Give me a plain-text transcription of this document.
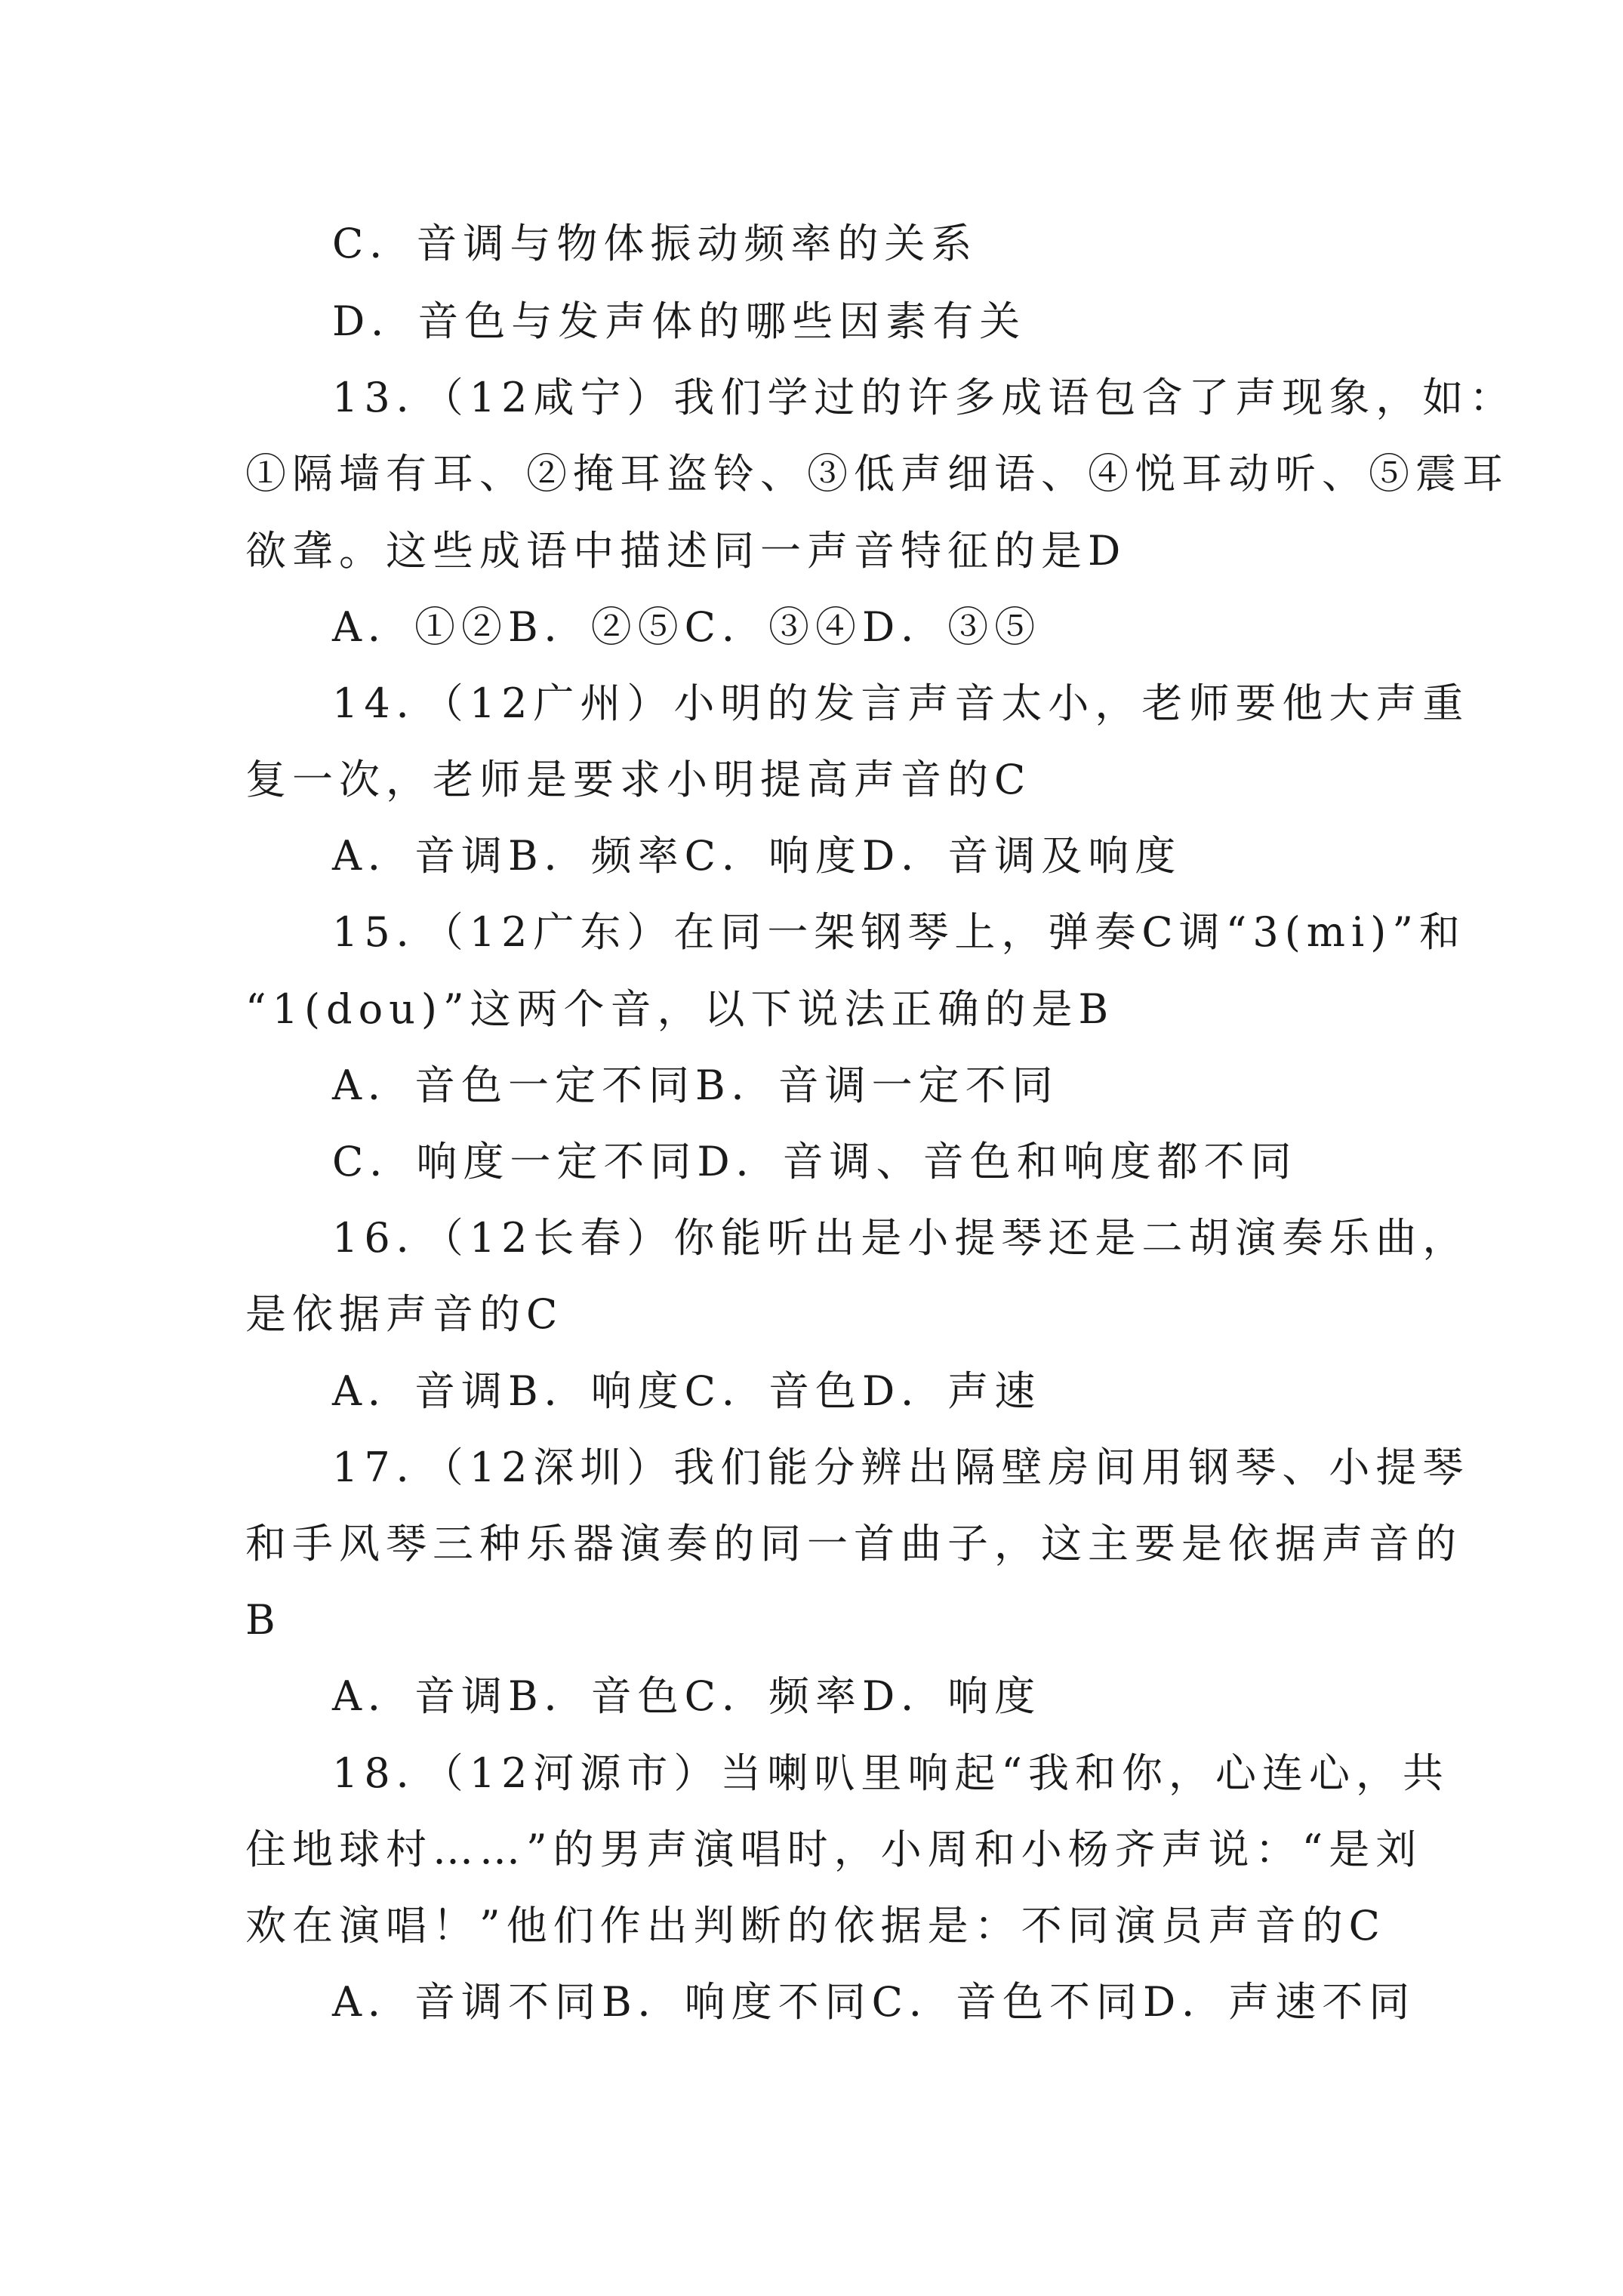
C．音调与物体振动频率的关系
D．音色与发声体的哪些因素有关
13．（12咸宁）我们学过的许多成语包含了声现象，如：
①隔墙有耳、②掩耳盗铃、③低声细语、④悦耳动听、⑤震耳
欲聋。这些成语中描述同一声音特征的是D
A．①②B．②⑤C．③④D．③⑤
14．（12广州）小明的发言声音太小，老师要他大声重
复一次，老师是要求小明提高声音的C
A．音调B．频率C．响度D．音调及响度
15．（12广东）在同一架钢琴上，弹奏C调“3(mi)”和
“1(dou)”这两个音，以下说法正确的是B
A．音色一定不同B．音调一定不同
C．响度一定不同D．音调、音色和响度都不同
16．（12长春）你能听出是小提琴还是二胡演奏乐曲，
是依据声音的C
A．音调B．响度C．音色D．声速
17．（12深圳）我们能分辨出隔壁房间用钢琴、小提琴
和手风琴三种乐器演奏的同一首曲子，这主要是依据声音的
B
A．音调B．音色C．频率D．响度
18．（12河源市）当喇叭里响起“我和你，心连心，共
住地球村……”的男声演唱时，小周和小杨齐声说：“是刘
欢在演唱！”他们作出判断的依据是：不同演员声音的C
A．音调不同B．响度不同C．音色不同D．声速不同
